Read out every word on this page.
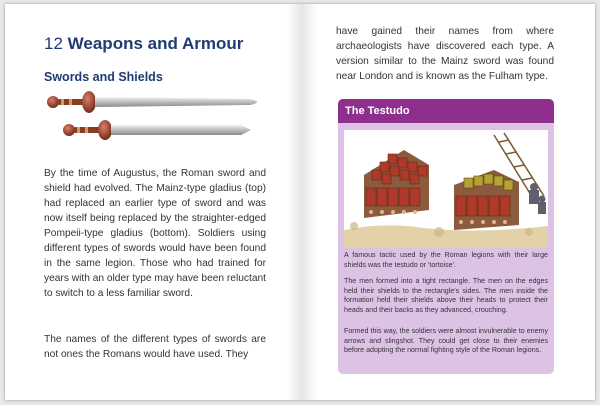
12 Weapons and Armour
Swords and Shields

By the time of Augustus, the Roman sword and shield had evolved. The Mainz-type gladius (top) had replaced an earlier type of sword and was now itself being replaced by the straighter-edged Pompeii-type gladius (bottom). Soldiers using different types of swords would have been found in the same legion. Those who had trained for years with an older type may have been reluctant to switch to a less familiar sword.

The names of the different types of swords are not ones the Romans would have used. They

have gained their names from where archaeologists have discovered each type. A version similar to the Mainz sword was found near London and is known as the Fulham type.

The Testudo

A famous tactic used by the Roman legions with their large shields was the testudo or 'tortoise'.

The men formed into a tight rectangle. The men on the edges held their shields to the rectangle's sides. The men inside the formation held their shields above their heads to protect their heads and their backs as they advanced, crouching.

Formed this way, the soldiers were almost invulnerable to enemy arrows and slingshot. They could get close to their enemies before adopting the normal fighting style of the Roman legions.
